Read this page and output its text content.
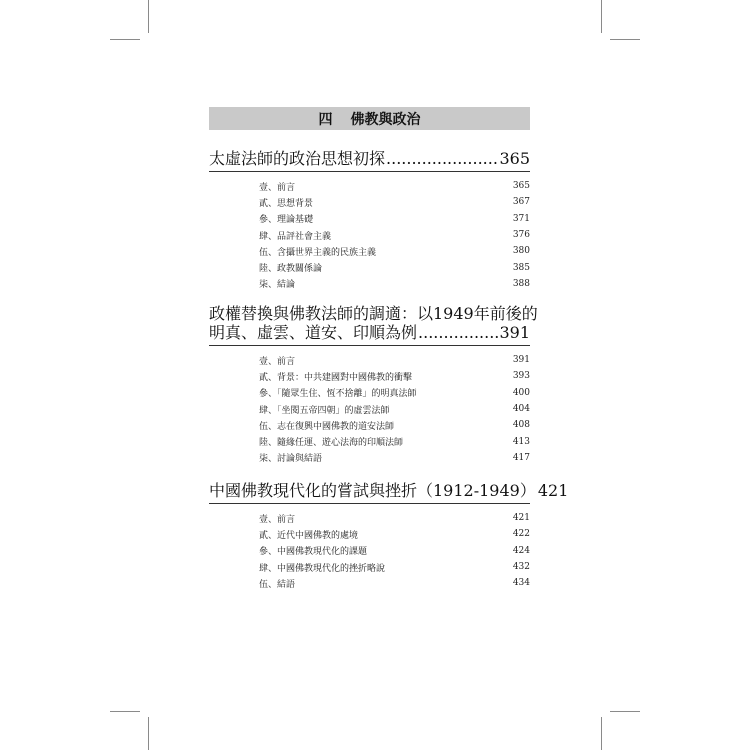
四 佛教與政治
太虛法師的政治思想初探 .....	365
壹、前言	365
貳、思想背景	367
參、理論基礎	371
肆、品評社會主義	376
伍、含攝世界主義的民族主義	380
陸、政教關係論	385
柒、結論	388
政權替換與佛教法師的調適：以1949年前後的
明真、虛雲、道安、印順為例 .....	391
壹、前言	391
貳、背景：中共建國對中國佛教的衝擊	393
參、「隨眾生住、恆不捨離」的明真法師	400
肆、「坐閱五帝四朝」的虛雲法師	404
伍、志在復興中國佛教的道安法師	408
陸、隨緣任運、遊心法海的印順法師	413
柒、討論與結語	417
中國佛教現代化的嘗試與挫折（1912-1949） 421
壹、前言	421
貳、近代中國佛教的處境	422
參、中國佛教現代化的課題	424
肆、中國佛教現代化的挫折略說	432
伍、結語	434
